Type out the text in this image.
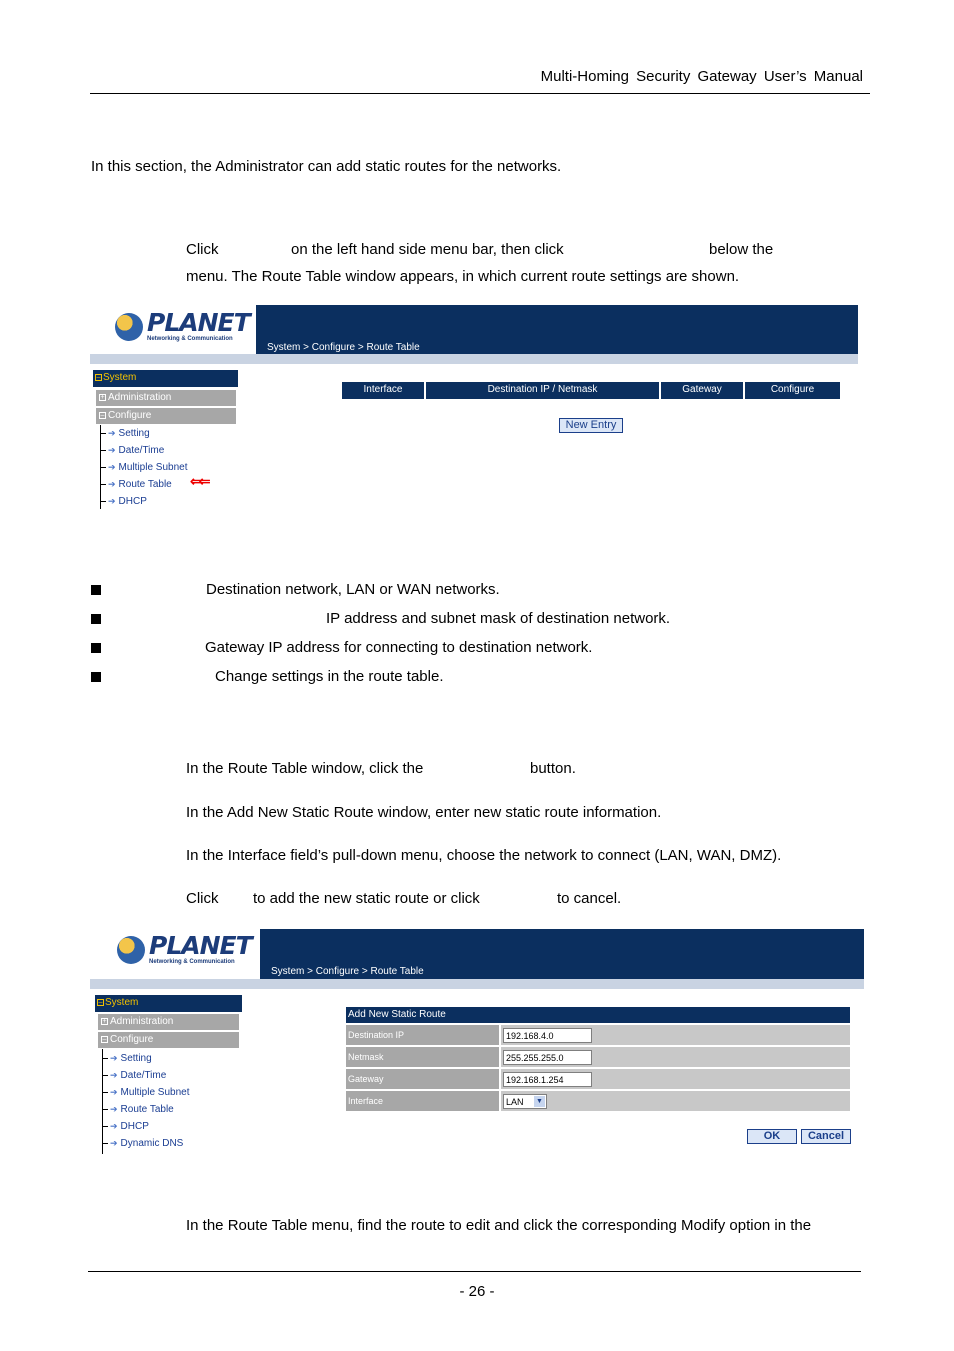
Multi-Homing Security Gateway User’s Manual
In this section, the Administrator can add static routes for the networks.
Click	on the left hand side menu bar, then click	below the
menu. The Route Table window appears, in which current route settings are shown.
PLANET
Networking & Communication
System > Configure > Route Table
– System
+ Administration
– Configure
➔ Setting
➔ Date/Time
➔ Multiple Subnet
➔ Route Table ⇐⇐
➔ DHCP
Interface	Destination IP / Netmask	Gateway	Configure
New Entry
Destination network, LAN or WAN networks.
IP address and subnet mask of destination network.
Gateway IP address for connecting to destination network.
Change settings in the route table.
In the Route Table window, click the	button.
In the Add New Static Route window, enter new static route information.
In the Interface field’s pull-down menu, choose the network to connect (LAN, WAN, DMZ).
Click to add the new static route or click	to cancel.
PLANET
Networking & Communication
System > Configure > Route Table
– System
+ Administration
– Configure
➔ Setting
➔ Date/Time
➔ Multiple Subnet
➔ Route Table
➔ DHCP
➔ Dynamic DNS
Add New Static Route
Destination IP	192.168.4.0
Netmask	255.255.255.0
Gateway	192.168.1.254
Interface	LAN ▼
OK	Cancel
In the Route Table menu, find the route to edit and click the corresponding Modify option in the
- 26 -
